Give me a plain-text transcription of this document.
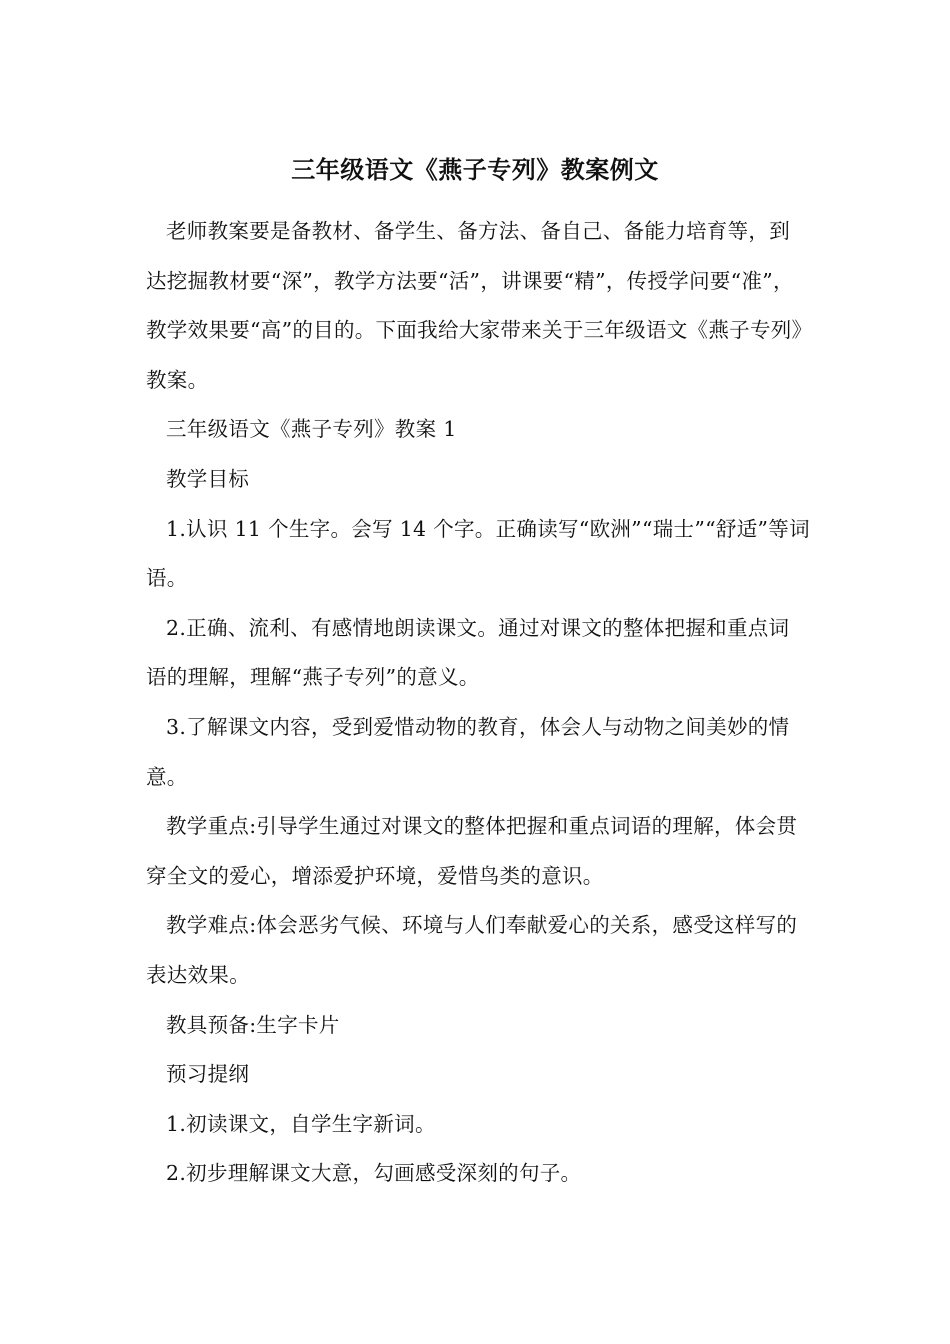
三年级语文《燕子专列》教案例文

老师教案要是备教材、备学生、备方法、备自己、备能力培育等，到达挖掘教材要“深”，教学方法要“活”，讲课要“精”，传授学问要“准”，教学效果要“高”的目的。下面我给大家带来关于三年级语文《燕子专列》教案。

三年级语文《燕子专列》教案 1

教学目标

1.认识 11 个生字。会写 14 个字。正确读写“欧洲”“瑞士”“舒适”等词语。

2.正确、流利、有感情地朗读课文。通过对课文的整体把握和重点词语的理解，理解“燕子专列”的意义。

3.了解课文内容，受到爱惜动物的教育，体会人与动物之间美妙的情意。

教学重点:引导学生通过对课文的整体把握和重点词语的理解，体会贯穿全文的爱心，增添爱护环境，爱惜鸟类的意识。

教学难点:体会恶劣气候、环境与人们奉献爱心的关系，感受这样写的表达效果。

教具预备:生字卡片

预习提纲

1.初读课文，自学生字新词。

2.初步理解课文大意，勾画感受深刻的句子。
